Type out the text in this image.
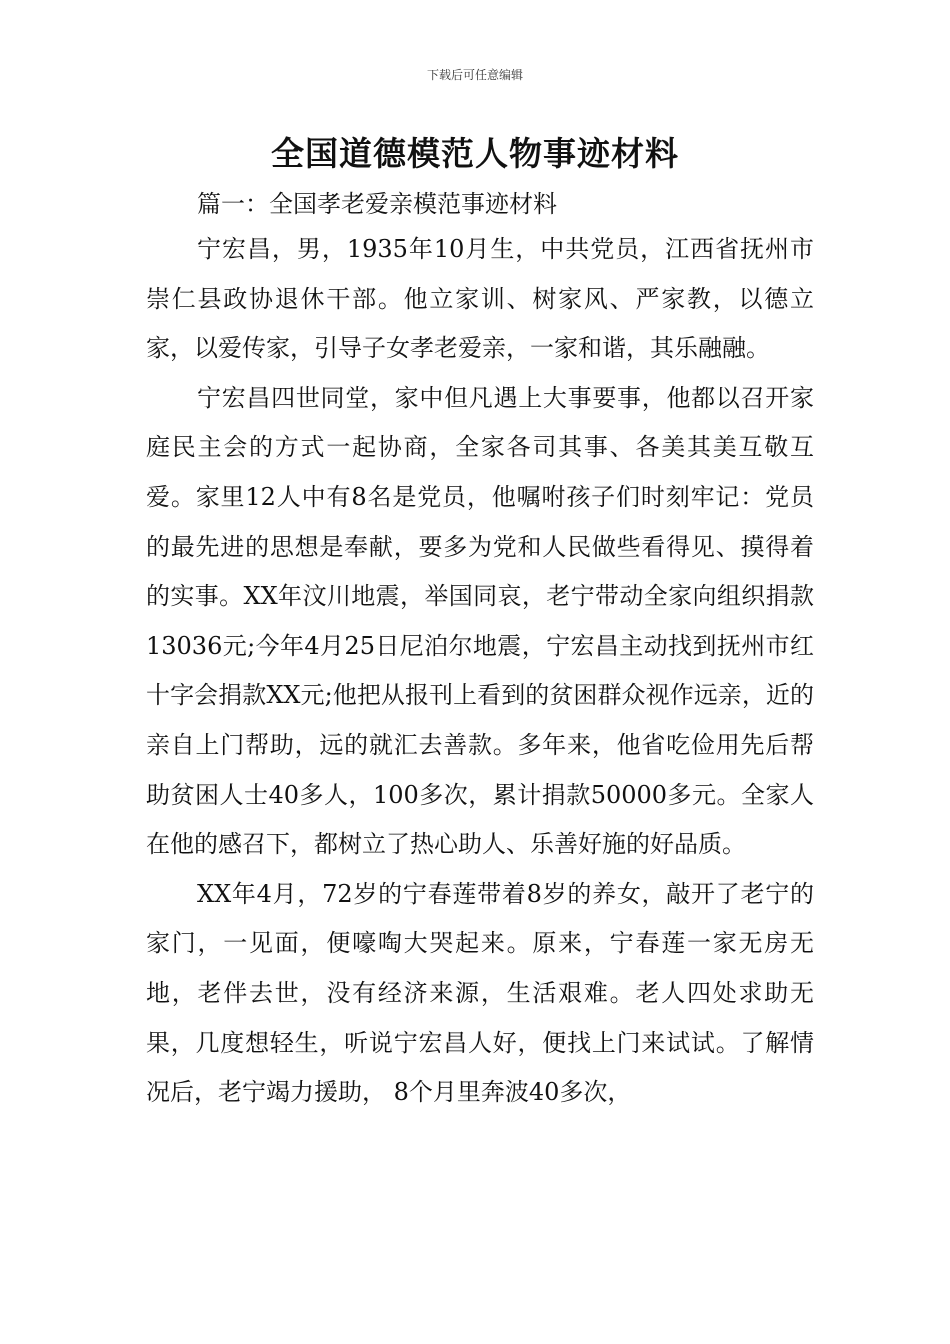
下载后可任意编辑
全国道德模范人物事迹材料
篇一：全国孝老爱亲模范事迹材料

宁宏昌，男，1935年10月生，中共党员，江西省抚州市崇仁县政协退休干部。他立家训、树家风、严家教，以德立家，以爱传家，引导子女孝老爱亲，一家和谐，其乐融融。

宁宏昌四世同堂，家中但凡遇上大事要事，他都以召开家庭民主会的方式一起协商，全家各司其事、各美其美互敬互爱。家里12人中有8名是党员，他嘱咐孩子们时刻牢记：党员的最先进的思想是奉献，要多为党和人民做些看得见、摸得着的实事。XX年汶川地震，举国同哀，老宁带动全家向组织捐款13036元;今年4月25日尼泊尔地震，宁宏昌主动找到抚州市红十字会捐款XX元;他把从报刊上看到的贫困群众视作远亲，近的亲自上门帮助，远的就汇去善款。多年来，他省吃俭用先后帮助贫困人士40多人，100多次，累计捐款50000多元。全家人在他的感召下，都树立了热心助人、乐善好施的好品质。

XX年4月，72岁的宁春莲带着8岁的养女，敲开了老宁的家门，一见面，便嚎啕大哭起来。原来，宁春莲一家无房无地，老伴去世，没有经济来源，生活艰难。老人四处求助无果，几度想轻生，听说宁宏昌人好，便找上门来试试。了解情况后，老宁竭力援助， 8个月里奔波40多次，
